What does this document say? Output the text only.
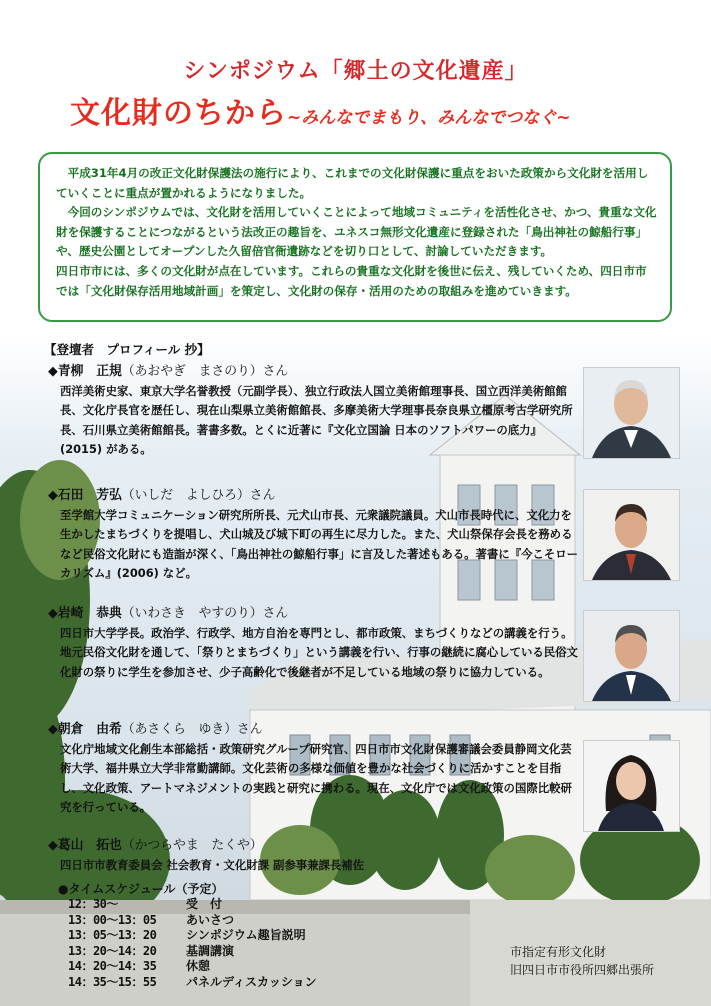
シンポジウム「郷土の文化遺産」
文化財のちから~みんなでまもり、みんなでつなぐ~

平成31年4月の改正文化財保護法の施行により、これまでの文化財保護に重点をおいた政策から文化財を活用していくことに重点が置かれるようになりました。

今回のシンポジウムでは、文化財を活用していくことによって地域コミュニティを活性化させ、かつ、貴重な文化財を保護することにつながるという法改正の趣旨を、ユネスコ無形文化遺産に登録された「鳥出神社の鯨船行事」や、歴史公園としてオープンした久留倍官衙遺跡などを切り口として、討論していただきます。

四日市市には、多くの文化財が点在しています。これらの貴重な文化財を後世に伝え、残していくため、四日市市では「文化財保存活用地域計画」を策定し、文化財の保存・活用のための取組みを進めていきます。

【登壇者　プロフィール 抄】
◆青柳　正規（あおやぎ　まさのり）さん
西洋美術史家、東京大学名誉教授（元副学長）、独立行政法人国立美術館理事長、国立西洋美術館館長、文化庁長官を歴任し、現在山梨県立美術館館長、多摩美術大学理事長奈良県立橿原考古学研究所長、石川県立美術館館長。著書多数。とくに近著に『文化立国論 日本のソフトパワーの底力』(2015) がある。
◆石田　芳弘（いしだ　よしひろ）さん
至学館大学コミュニケーション研究所所長、元犬山市長、元衆議院議員。犬山市長時代に、文化力を生かしたまちづくりを提唱し、犬山城及び城下町の再生に尽力した。また、犬山祭保存会長を務めるなど民俗文化財にも造詣が深く、「鳥出神社の鯨船行事」に言及した著述もある。著書に『今こそローカリズム』(2006) など。
◆岩崎　恭典（いわさき　やすのり）さん
四日市大学学長。政治学、行政学、地方自治を専門とし、都市政策、まちづくりなどの講義を行う。地元民俗文化財を通して、「祭りとまちづくり」という講義を行い、行事の継続に腐心している民俗文化財の祭りに学生を参加させ、少子高齢化で後継者が不足している地域の祭りに協力している。
◆朝倉　由希（あさくら　ゆき）さん
文化庁地域文化創生本部総括・政策研究グループ研究官、四日市市文化財保護審議会委員静岡文化芸術大学、福井県立大学非常勤講師。文化芸術の多様な価値を豊かな社会づくりに活かすことを目指し、文化政策、アートマネジメントの実践と研究に携わる。現在、文化庁では文化政策の国際比較研究を行っている。
◆葛山　拓也（かつらやま　たくや）
四日市市教育委員会 社会教育・文化財課 副参事兼課長補佐
●タイムスケジュール（予定）
12：30～	受　付
13：00～13：05	あいさつ
13：05～13：20	シンポジウム趣旨説明
13：20～14：20	基調講演
14：20～14：35	休憩
14：35～15：55	パネルディスカッション
市指定有形文化財
旧四日市市役所四郷出張所
